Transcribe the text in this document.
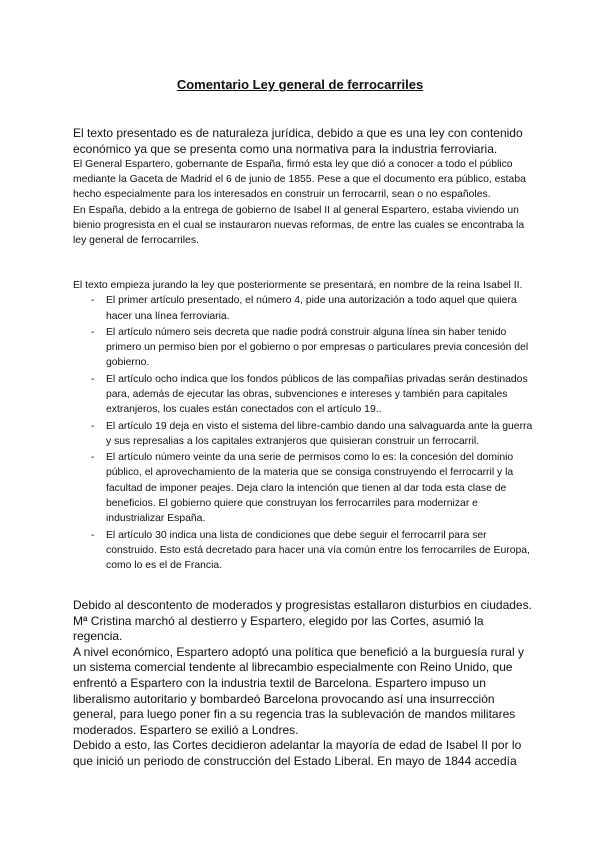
Comentario Ley general de ferrocarriles

El texto presentado es de naturaleza jurídica, debido a que es una ley con contenido económico ya que se presenta como una normativa para la industria ferroviaria.

El General Espartero, gobernante de España, firmó esta ley que dió a conocer a todo el público mediante la Gaceta de Madrid el 6 de junio de 1855. Pese a que el documento era público, estaba hecho especialmente para los interesados en construir un ferrocarril, sean o no españoles.

En España, debido a la entrega de gobierno de Isabel II al general Espartero, estaba viviendo un bienio progresista en el cual se instauraron nuevas reformas, de entre las cuales se encontraba la ley general de ferrocarriles.

El texto empieza jurando la ley que posteriormente se presentará, en nombre de la reina Isabel II.

- El primer artículo presentado, el número 4, pide una autorización a todo aquel que quiera hacer una línea ferroviaria.
- El artículo número seis decreta que nadie podrá construir alguna línea sin haber tenido primero un permiso bien por el gobierno o por empresas o particulares previa concesión del gobierno.
- El artículo ocho indica que los fondos públicos de las compañías privadas serán destinados para, además de ejecutar las obras, subvenciones e intereses y también para capitales extranjeros, los cuales están conectados con el artículo 19..
- El artículo 19 deja en visto el sistema del libre-cambio dando una salvaguarda ante la guerra y sus represalias a los capitales extranjeros que quisieran construir un ferrocarril.
- El artículo número veinte da una serie de permisos como lo es: la concesión del dominio público, el aprovechamiento de la materia que se consiga construyendo el ferrocarril y la facultad de imponer peajes. Deja claro la intención que tienen al dar toda esta clase de beneficios. El gobierno quiere que construyan los ferrocarriles para modernizar e industrializar España.
- El artículo 30 indica una lista de condiciones que debe seguir el ferrocarril para ser construido. Esto está decretado para hacer una vía común entre los ferrocarriles de Europa, como lo es el de Francia.

Debido al descontento de moderados y progresistas estallaron disturbios en ciudades. Mª Cristina marchó al destierro y Espartero, elegido por las Cortes, asumió la regencia.

A nivel económico, Espartero adoptó una política que benefició a la burguesía rural y un sistema comercial tendente al librecambio especialmente con Reino Unido, que enfrentó a Espartero con la industria textil de Barcelona. Espartero impuso un liberalismo autoritario y bombardeó Barcelona provocando así una insurrección general, para luego poner fin a su regencia tras la sublevación de mandos militares moderados. Espartero se exilió a Londres.

Debido a esto, las Cortes decidieron adelantar la mayoría de edad de Isabel II por lo que inició un periodo de construcción del Estado Liberal. En mayo de 1844 accedía
